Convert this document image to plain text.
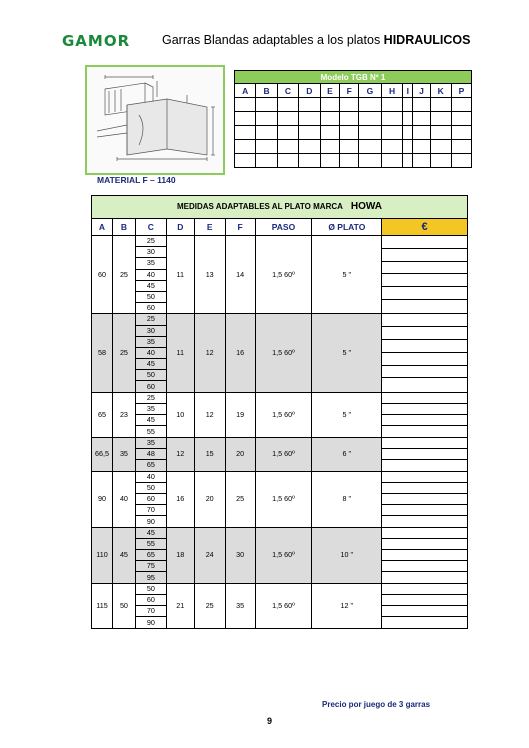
GAMOR	Garras Blandas adaptables a los platos HIDRAULICOS
MATERIAL F – 1140
Modelo TGB Nº 1											
A	B	C	D	E	F	G	H	I	J	K	P

MEDIDAS ADAPTABLES AL PLATO MARCA HOWA								
A	B	C	D	E	F	PASO	Ø PLATO	€
60	25	25	11	13	14	1,5 60º	5 "	

		30						
		35						
		40						
		45						
		50						
		60						
58	25	25	11	12	16	1,5 60º	5 "	

		30						
		35						
		40						
		45						
		50						
		60						
65	23	25	10	12	19	1,5 60º	5 "	

		35						
		45						
		55						
66,5	35	35	12	15	20	1,5 60º	6 "	

		48						
		65						
90	40	40	16	20	25	1,5 60º	8 "	

		50						
		60						
		70						
		90						
110	45	45	18	24	30	1,5 60º	10 "	

		55						
		65						
		75						
		95						
115	50	50	21	25	35	1,5 60º	12 "	

		60						
		70						
		90						
Precio por juego de 3 garras
9
